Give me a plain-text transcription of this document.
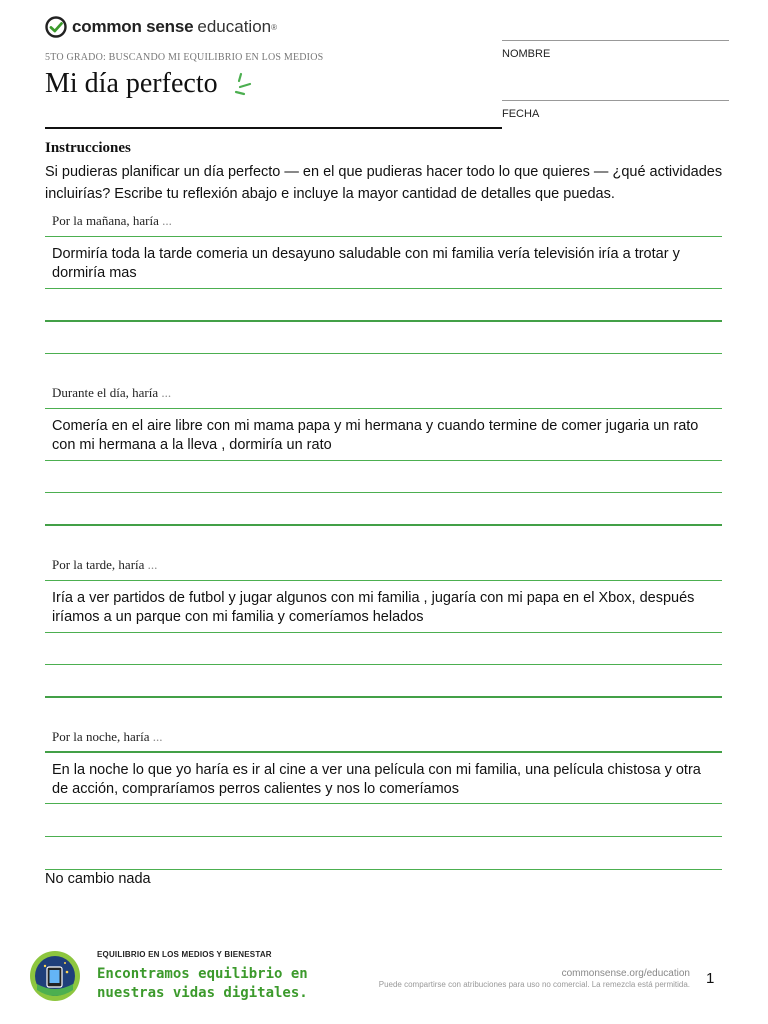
common sense education ®
5TO GRADO: BUSCANDO MI EQUILIBRIO EN LOS MEDIOS
Mi día perfecto
NOMBRE
FECHA
Instrucciones
Si pudieras planificar un día perfecto — en el que pudieras hacer todo lo que quieres — ¿qué actividades incluirías? Escribe tu reflexión abajo e incluye la mayor cantidad de detalles que puedas.
Por la mañana, haría ...
Dormiría toda la tarde comeria un desayuno saludable con mi familia vería televisión iría a trotar y dormiría mas
Durante el día, haría ...
Comería en el aire libre con mi mama papa y mi hermana y cuando termine de comer jugaria un rato con mi hermana a la lleva , dormiría un rato
Por la tarde, haría ...
Iría a ver partidos de futbol y jugar algunos con mi familia , jugaría con mi papa en el Xbox, después iríamos a un parque con mi familia y comeríamos helados
Por la noche, haría ...
En la noche lo que yo haría es ir al cine a ver una película con mi familia, una película chistosa y otra de acción, compraríamos perros calientes y nos lo comeríamos
No cambio nada
EQUILIBRIO EN LOS MEDIOS Y BIENESTAR
Encontramos equilibrio en
nuestras vidas digitales.
commonsense.org/education
Puede compartirse con atribuciones para uso no comercial. La remezcla está permitida. 1
